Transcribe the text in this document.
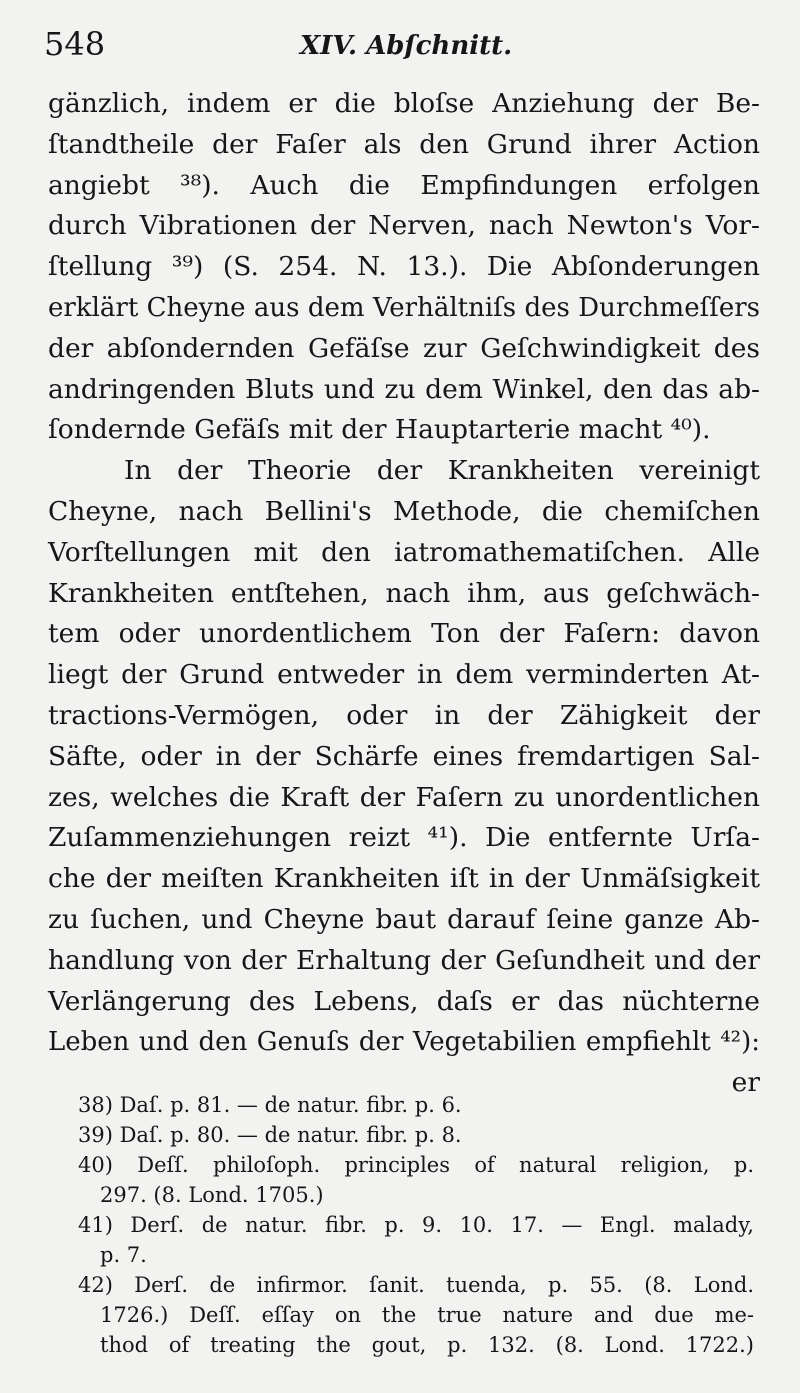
548	XIV. Abſchnitt.
gänzlich, indem er die bloſse Anziehung der Be-
ſtandtheile der Faſer als den Grund ihrer Action
angiebt ³⁸). Auch die Empfindungen erfolgen
durch Vibrationen der Nerven, nach Newton's Vor-
ſtellung ³⁹) (S. 254. N. 13.). Die Abſonderungen
erklärt Cheyne aus dem Verhältniſs des Durchmeſſers
der abſondernden Gefäſse zur Geſchwindigkeit des
andringenden Bluts und zu dem Winkel, den das ab-
ſondernde Gefäſs mit der Hauptarterie macht ⁴⁰).
In der Theorie der Krankheiten vereinigt
Cheyne, nach Bellini's Methode, die chemiſchen
Vorſtellungen mit den iatromathematiſchen. Alle
Krankheiten entſtehen, nach ihm, aus geſchwäch-
tem oder unordentlichem Ton der Faſern: davon
liegt der Grund entweder in dem verminderten At-
tractions-Vermögen, oder in der Zähigkeit der
Säfte, oder in der Schärfe eines fremdartigen Sal-
zes, welches die Kraft der Faſern zu unordentlichen
Zuſammenziehungen reizt ⁴¹). Die entfernte Urſa-
che der meiſten Krankheiten iſt in der Unmäſsigkeit
zu ſuchen, und Cheyne baut darauf ſeine ganze Ab-
handlung von der Erhaltung der Geſundheit und der
Verlängerung des Lebens, daſs er das nüchterne
Leben und den Genuſs der Vegetabilien empfiehlt ⁴²):
er
38) Daſ. p. 81. — de natur. fibr. p. 6.
39) Daſ. p. 80. — de natur. fibr. p. 8.
40) Deſſ. philoſoph. principles of natural religion, p.
297. (8. Lond. 1705.)
41) Derſ. de natur. fibr. p. 9. 10. 17. — Engl. malady,
p. 7.
42) Derſ. de infirmor. ſanit. tuenda, p. 55. (8. Lond.
1726.) Deſſ. eſſay on the true nature and due me-
thod of treating the gout, p. 132. (8. Lond. 1722.)
